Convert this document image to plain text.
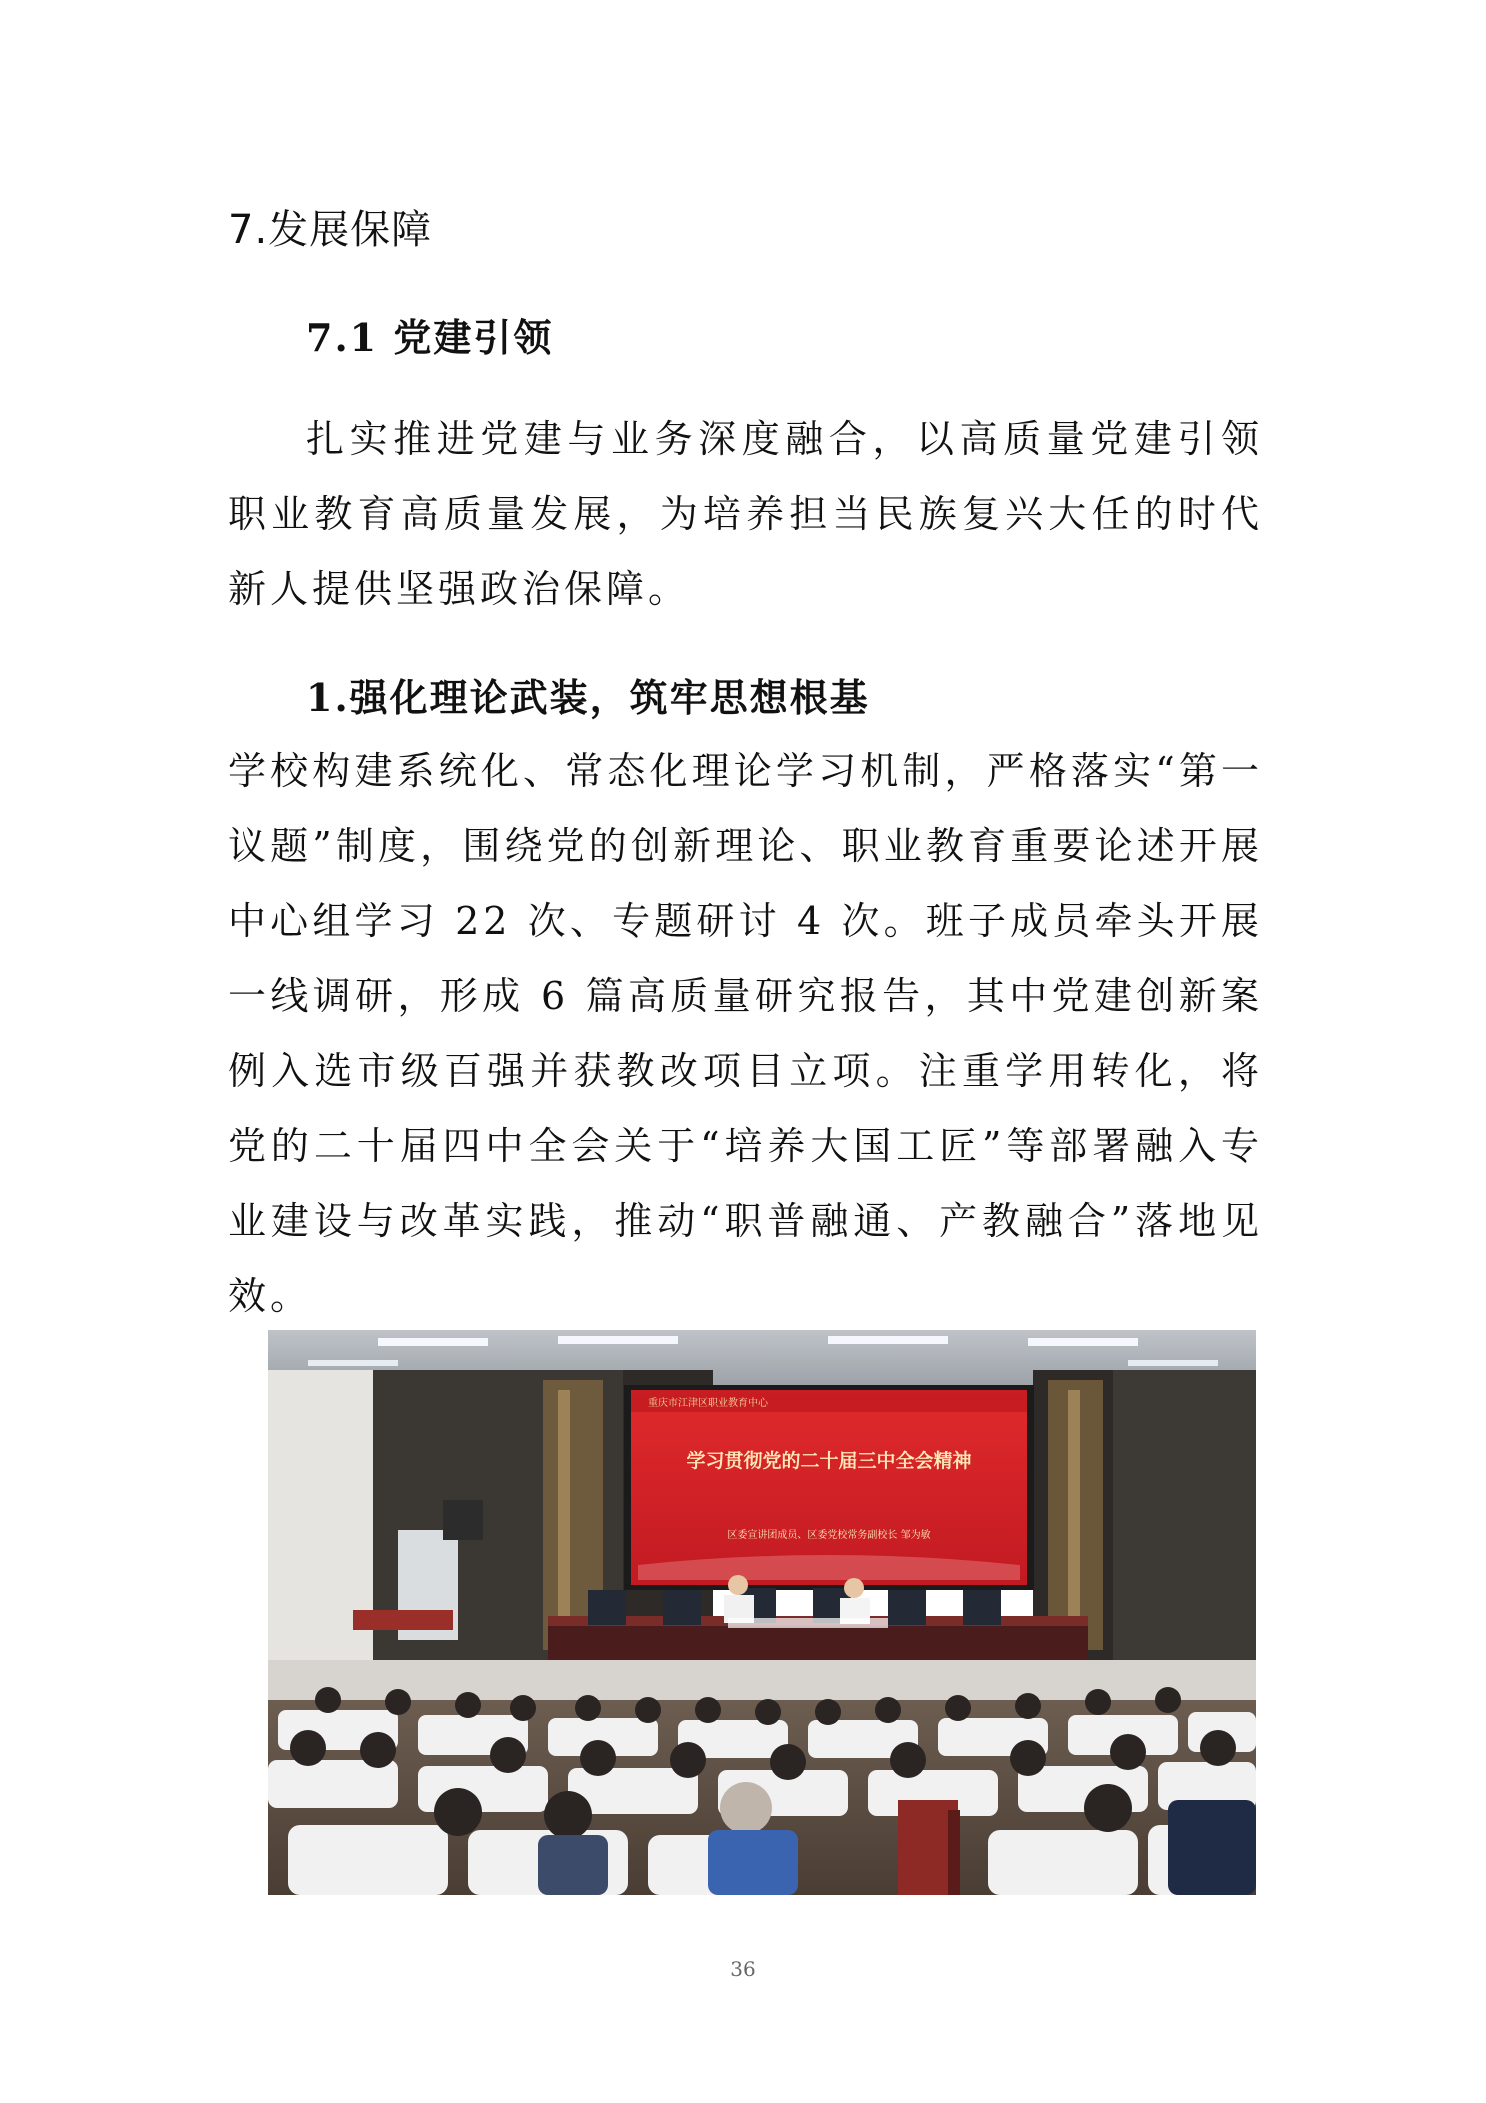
7.发展保障
7.1 党建引领

扎实推进党建与业务深度融合，以高质量党建引领职业教育高质量发展，为培养担当民族复兴大任的时代新人提供坚强政治保障。

1.强化理论武装，筑牢思想根基

学校构建系统化、常态化理论学习机制，严格落实“第一议题”制度，围绕党的创新理论、职业教育重要论述开展中心组学习 22 次、专题研讨 4 次。班子成员牵头开展一线调研，形成 6 篇高质量研究报告，其中党建创新案例入选市级百强并获教改项目立项。注重学用转化，将党的二十届四中全会关于“培养大国工匠”等部署融入专业建设与改革实践，推动“职普融通、产教融合”落地见效。

重庆市江津区职业教育中心
学习贯彻党的二十届三中全会精神
区委宣讲团成员、区委党校常务副校长 邹为敏
36
